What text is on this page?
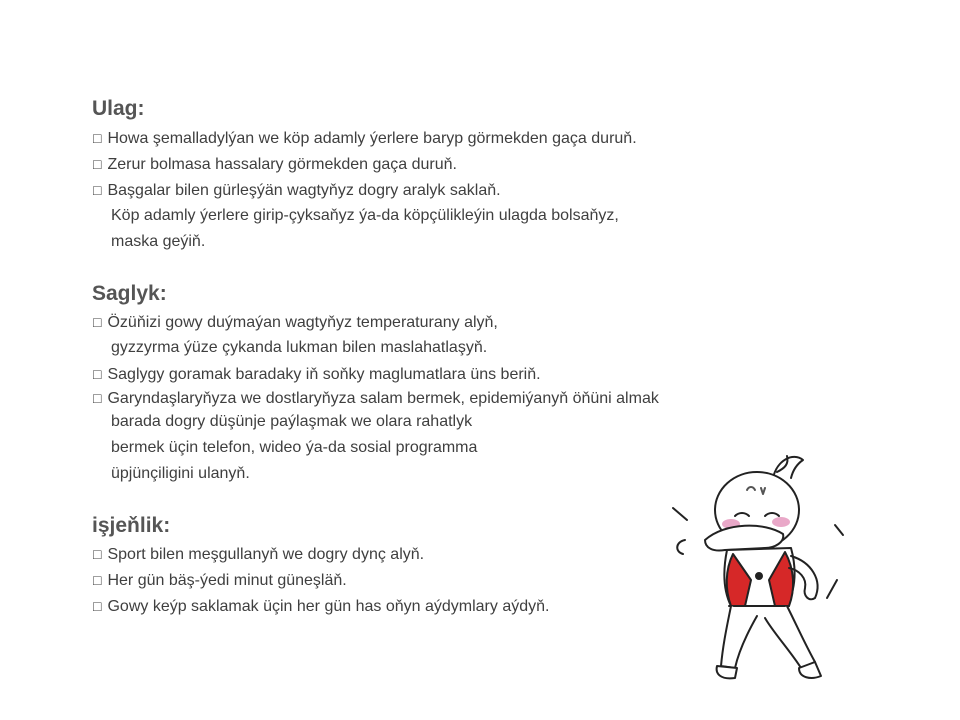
Ulag:
□ Howa şemalladylýan we köp adamly ýerlere baryp görmekden gaça duruň.
□ Zerur bolmasa hassalary görmekden gaça duruň.
□ Başgalar bilen gürleşýän wagtyňyz dogry aralyk saklaň.
Köp adamly ýerlere girip-çyksaňyz ýa-da köpçülikleýin ulagda bolsaňyz,
maska geýiň.
Saglyk:
□ Özüňizi gowy duýmaýan wagtyňyz temperaturany alyň,
gyzzyrma ýüze çykanda lukman bilen maslahatlaşyň.
□ Saglygy goramak baradaky iň soňky maglumatlara üns beriň.
□ Garyndaşlaryňyza we dostlaryňyza salam bermek, epidemiýanyň öňüni almak
barada dogry düşünje paýlaşmak we olara rahatlyk
bermek üçin telefon, wideo ýa-da sosial programma
üpjünçiligini ulanyň.
işjeňlik:
□ Sport bilen meşgullanyň we dogry dynç alyň.
□ Her gün bäş-ýedi minut güneşläň.
□ Gowy keýp saklamak üçin her gün has oňyn aýdymlary aýdyň.
